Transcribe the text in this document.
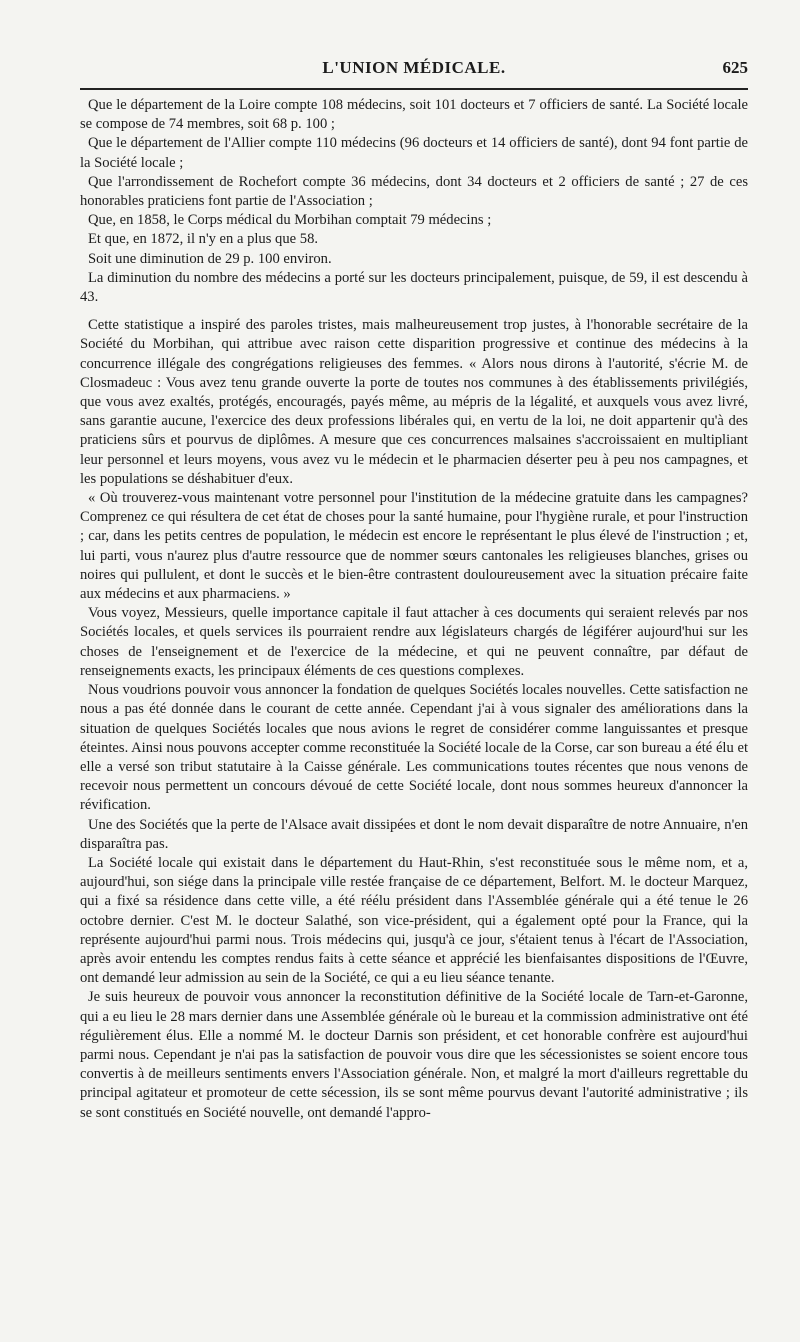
L'UNION MÉDICALE.	625

Que le département de la Loire compte 108 médecins, soit 101 docteurs et 7 officiers de santé. La Société locale se compose de 74 membres, soit 68 p. 100 ;

Que le département de l'Allier compte 110 médecins (96 docteurs et 14 officiers de santé), dont 94 font partie de la Société locale ;

Que l'arrondissement de Rochefort compte 36 médecins, dont 34 docteurs et 2 officiers de santé ; 27 de ces honorables praticiens font partie de l'Association ;

Que, en 1858, le Corps médical du Morbihan comptait 79 médecins ;

Et que, en 1872, il n'y en a plus que 58.

Soit une diminution de 29 p. 100 environ.

La diminution du nombre des médecins a porté sur les docteurs principalement, puisque, de 59, il est descendu à 43.

Cette statistique a inspiré des paroles tristes, mais malheureusement trop justes, à l'honorable secrétaire de la Société du Morbihan, qui attribue avec raison cette disparition progressive et continue des médecins à la concurrence illégale des congrégations religieuses des femmes. « Alors nous dirons à l'autorité, s'écrie M. de Closmadeuc : Vous avez tenu grande ouverte la porte de toutes nos communes à des établissements privilégiés, que vous avez exaltés, protégés, encouragés, payés même, au mépris de la légalité, et auxquels vous avez livré, sans garantie aucune, l'exercice des deux professions libérales qui, en vertu de la loi, ne doit appartenir qu'à des praticiens sûrs et pourvus de diplômes. A mesure que ces concurrences malsaines s'accroissaient en multipliant leur personnel et leurs moyens, vous avez vu le médecin et le pharmacien déserter peu à peu nos campagnes, et les populations se déshabituer d'eux.

« Où trouverez-vous maintenant votre personnel pour l'institution de la médecine gratuite dans les campagnes? Comprenez ce qui résultera de cet état de choses pour la santé humaine, pour l'hygiène rurale, et pour l'instruction ; car, dans les petits centres de population, le médecin est encore le représentant le plus élevé de l'instruction ; et, lui parti, vous n'aurez plus d'autre ressource que de nommer sœurs cantonales les religieuses blanches, grises ou noires qui pullulent, et dont le succès et le bien-être contrastent douloureusement avec la situation précaire faite aux médecins et aux pharmaciens. »

Vous voyez, Messieurs, quelle importance capitale il faut attacher à ces documents qui seraient relevés par nos Sociétés locales, et quels services ils pourraient rendre aux législateurs chargés de légiférer aujourd'hui sur les choses de l'enseignement et de l'exercice de la médecine, et qui ne peuvent connaître, par défaut de renseignements exacts, les principaux éléments de ces questions complexes.

Nous voudrions pouvoir vous annoncer la fondation de quelques Sociétés locales nouvelles. Cette satisfaction ne nous a pas été donnée dans le courant de cette année. Cependant j'ai à vous signaler des améliorations dans la situation de quelques Sociétés locales que nous avions le regret de considérer comme languissantes et presque éteintes. Ainsi nous pouvons accepter comme reconstituée la Société locale de la Corse, car son bureau a été élu et elle a versé son tribut statutaire à la Caisse générale. Les communications toutes récentes que nous venons de recevoir nous permettent un concours dévoué de cette Société locale, dont nous sommes heureux d'annoncer la révification.

Une des Sociétés que la perte de l'Alsace avait dissipées et dont le nom devait disparaître de notre Annuaire, n'en disparaîtra pas.

La Société locale qui existait dans le département du Haut-Rhin, s'est reconstituée sous le même nom, et a, aujourd'hui, son siége dans la principale ville restée française de ce département, Belfort. M. le docteur Marquez, qui a fixé sa résidence dans cette ville, a été réélu président dans l'Assemblée générale qui a été tenue le 26 octobre dernier. C'est M. le docteur Salathé, son vice-président, qui a également opté pour la France, qui la représente aujourd'hui parmi nous. Trois médecins qui, jusqu'à ce jour, s'étaient tenus à l'écart de l'Association, après avoir entendu les comptes rendus faits à cette séance et apprécié les bienfaisantes dispositions de l'Œuvre, ont demandé leur admission au sein de la Société, ce qui a eu lieu séance tenante.

Je suis heureux de pouvoir vous annoncer la reconstitution définitive de la Société locale de Tarn-et-Garonne, qui a eu lieu le 28 mars dernier dans une Assemblée générale où le bureau et la commission administrative ont été régulièrement élus. Elle a nommé M. le docteur Darnis son président, et cet honorable confrère est aujourd'hui parmi nous. Cependant je n'ai pas la satisfaction de pouvoir vous dire que les sécessionistes se soient encore tous convertis à de meilleurs sentiments envers l'Association générale. Non, et malgré la mort d'ailleurs regrettable du principal agitateur et promoteur de cette sécession, ils se sont même pourvus devant l'autorité administrative ; ils se sont constitués en Société nouvelle, ont demandé l'appro-
